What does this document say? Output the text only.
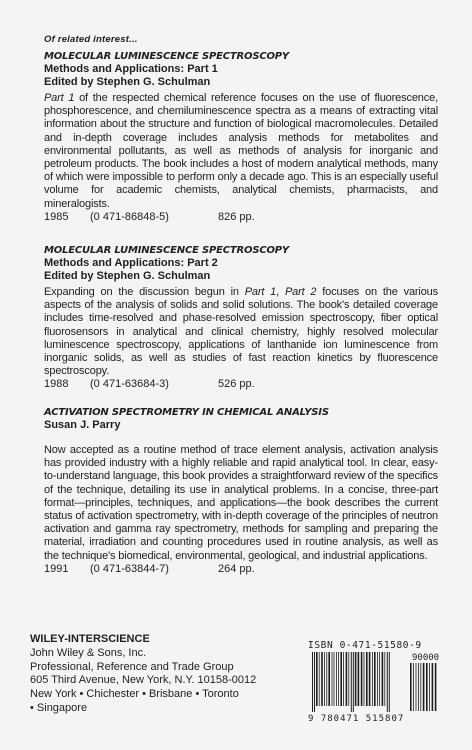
Of related interest...
MOLECULAR LUMINESCENCE SPECTROSCOPY
Methods and Applications: Part 1
Edited by Stephen G. Schulman
Part 1 of the respected chemical reference focuses on the use of fluorescence, phosphorescence, and chemiluminescence spectra as a means of extracting vital information about the structure and function of biological macromolecules. Detailed and in-depth coverage includes analysis methods for metabolites and environmental pollutants, as well as methods of analysis for inorganic and petroleum products. The book includes a host of modern analytical methods, many of which were impossible to perform only a decade ago. This is an especially useful volume for academic chemists, analytical chemists, pharmacists, and mineralogists.
1985 (0 471-86848-5)	826 pp.
MOLECULAR LUMINESCENCE SPECTROSCOPY
Methods and Applications: Part 2
Edited by Stephen G. Schulman
Expanding on the discussion begun in Part 1, Part 2 focuses on the various aspects of the analysis of solids and solid solutions. The book's detailed coverage includes time-resolved and phase-resolved emission spectroscopy, fiber optical fluorosensors in analytical and clinical chemistry, highly resolved molecular luminescence spectroscopy, applications of lanthanide ion luminescence from inorganic solids, as well as studies of fast reaction kinetics by fluorescence spectroscopy.
1988 (0 471-63684-3)	526 pp.
ACTIVATION SPECTROMETRY IN CHEMICAL ANALYSIS
Susan J. Parry
Now accepted as a routine method of trace element analysis, activation analysis has provided industry with a highly reliable and rapid analytical tool. In clear, easy-to-understand language, this book provides a straightforward review of the specifics of the technique, detailing its use in analytical problems. In a concise, three-part format—principles, techniques, and applications—the book describes the current status of activation spectrometry, with in-depth coverage of the principles of neutron activation and gamma ray spectrometry, methods for sampling and preparing the material, irradiation and counting procedures used in routine analysis, as well as the technique's biomedical, environmental, geological, and industrial applications.
1991 (0 471-63844-7)	264 pp.
WILEY-INTERSCIENCE
John Wiley & Sons, Inc.
Professional, Reference and Trade Group
605 Third Avenue, New York, N.Y. 10158-0012
New York • Chichester • Brisbane • Toronto
• Singapore
ISBN 0-471-51580-9
90000
9 780471 515807
